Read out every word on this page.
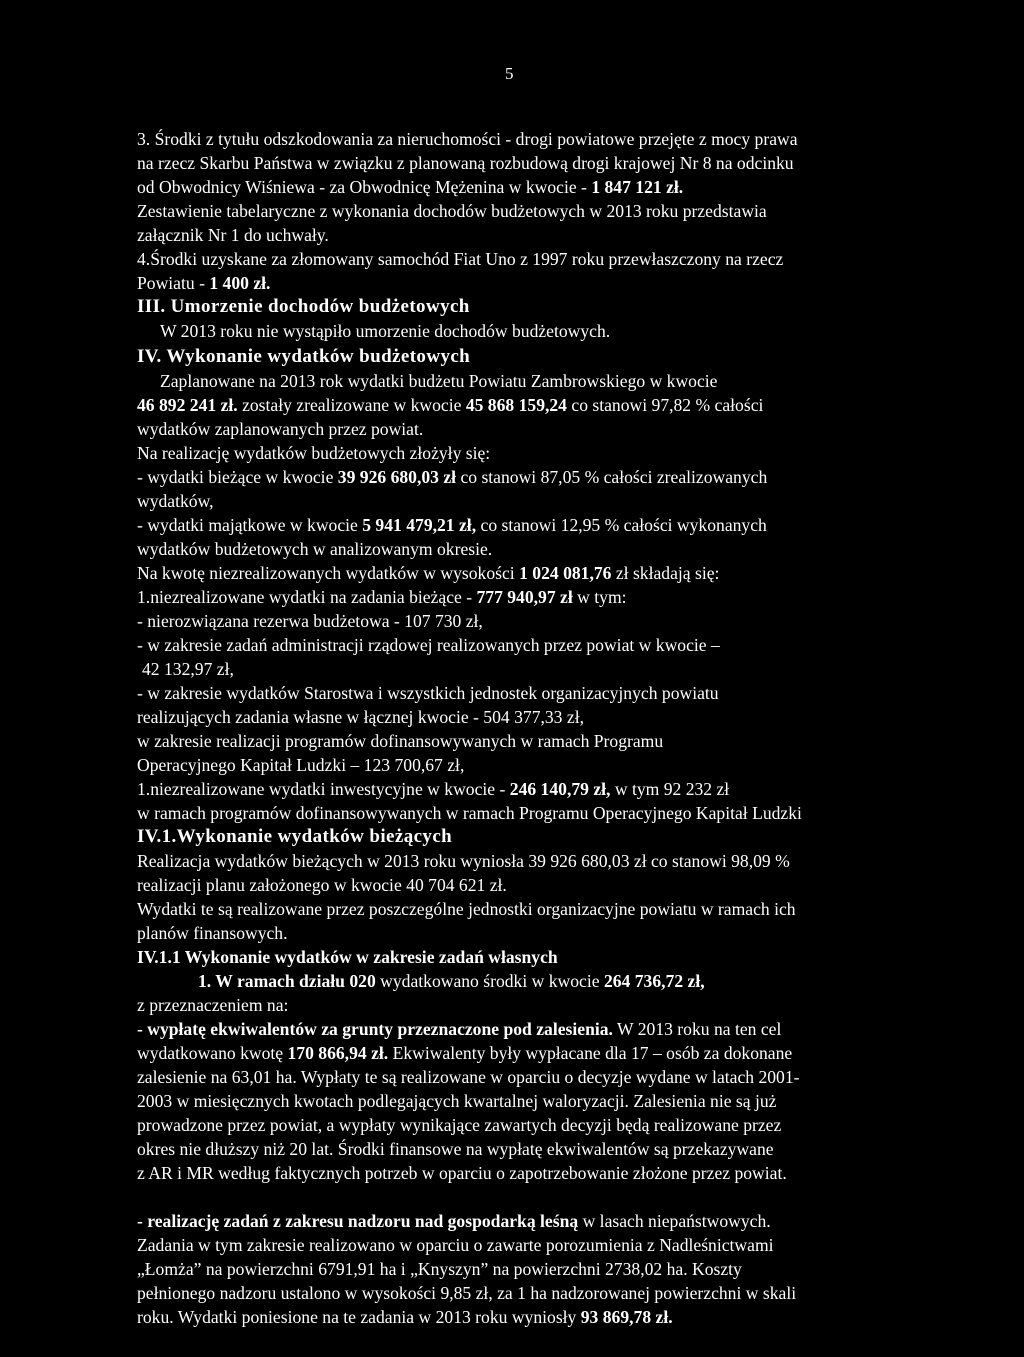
5
3. Środki z tytułu odszkodowania za nieruchomości - drogi powiatowe przejęte z mocy prawa
na rzecz Skarbu Państwa w związku z planowaną rozbudową drogi krajowej Nr 8 na odcinku
od Obwodnicy Wiśniewa - za Obwodnicę Mężenina w kwocie - 1 847 121 zł.
Zestawienie tabelaryczne z wykonania dochodów budżetowych w 2013 roku przedstawia
załącznik Nr 1 do uchwały.
4.Środki uzyskane za złomowany samochód Fiat Uno z 1997 roku przewłaszczony na rzecz
Powiatu - 1 400 zł.
III. Umorzenie dochodów budżetowych
W 2013 roku nie wystąpiło umorzenie dochodów budżetowych.
IV. Wykonanie wydatków budżetowych
Zaplanowane na 2013 rok wydatki budżetu Powiatu Zambrowskiego w kwocie
46 892 241 zł. zostały zrealizowane w kwocie 45 868 159,24 co stanowi 97,82 % całości
wydatków zaplanowanych przez powiat.
Na realizację wydatków budżetowych złożyły się:
- wydatki bieżące w kwocie 39 926 680,03 zł co stanowi 87,05 % całości zrealizowanych
wydatków,
- wydatki majątkowe w kwocie 5 941 479,21 zł, co stanowi 12,95 % całości wykonanych
wydatków budżetowych w analizowanym okresie.
Na kwotę niezrealizowanych wydatków w wysokości 1 024 081,76 zł składają się:
1.niezrealizowane wydatki na zadania bieżące - 777 940,97 zł w tym:
- nierozwiązana rezerwa budżetowa - 107 730 zł,
- w zakresie zadań administracji rządowej realizowanych przez powiat w kwocie –
42 132,97 zł,
- w zakresie wydatków Starostwa i wszystkich jednostek organizacyjnych powiatu
realizujących zadania własne w łącznej kwocie - 504 377,33 zł,
w zakresie realizacji programów dofinansowywanych w ramach Programu
Operacyjnego Kapitał Ludzki – 123 700,67 zł,
1.niezrealizowane wydatki inwestycyjne w kwocie - 246 140,79 zł, w tym 92 232 zł
w ramach programów dofinansowywanych w ramach Programu Operacyjnego Kapitał Ludzki
IV.1.Wykonanie wydatków bieżących
Realizacja wydatków bieżących w 2013 roku wyniosła 39 926 680,03 zł co stanowi 98,09 %
realizacji planu założonego w kwocie 40 704 621 zł.
Wydatki te są realizowane przez poszczególne jednostki organizacyjne powiatu w ramach ich
planów finansowych.
IV.1.1 Wykonanie wydatków w zakresie zadań własnych
1. W ramach działu 020 wydatkowano środki w kwocie 264 736,72 zł,
z przeznaczeniem na:
- wypłatę ekwiwalentów za grunty przeznaczone pod zalesienia. W 2013 roku na ten cel
wydatkowano kwotę 170 866,94 zł. Ekwiwalenty były wypłacane dla 17 – osób za dokonane
zalesienie na 63,01 ha. Wypłaty te są realizowane w oparciu o decyzje wydane w latach 2001-
2003 w miesięcznych kwotach podlegających kwartalnej waloryzacji. Zalesienia nie są już
prowadzone przez powiat, a wypłaty wynikające zawartych decyzji będą realizowane przez
okres nie dłuższy niż 20 lat. Środki finansowe na wypłatę ekwiwalentów są przekazywane
z AR i MR według faktycznych potrzeb w oparciu o zapotrzebowanie złożone przez powiat.
- realizację zadań z zakresu nadzoru nad gospodarką leśną w lasach niepaństwowych.
Zadania w tym zakresie realizowano w oparciu o zawarte porozumienia z Nadleśnictwami
„Łomża” na powierzchni 6791,91 ha i „Knyszyn” na powierzchni 2738,02 ha. Koszty
pełnionego nadzoru ustalono w wysokości 9,85 zł, za 1 ha nadzorowanej powierzchni w skali
roku. Wydatki poniesione na te zadania w 2013 roku wyniosły 93 869,78 zł.
